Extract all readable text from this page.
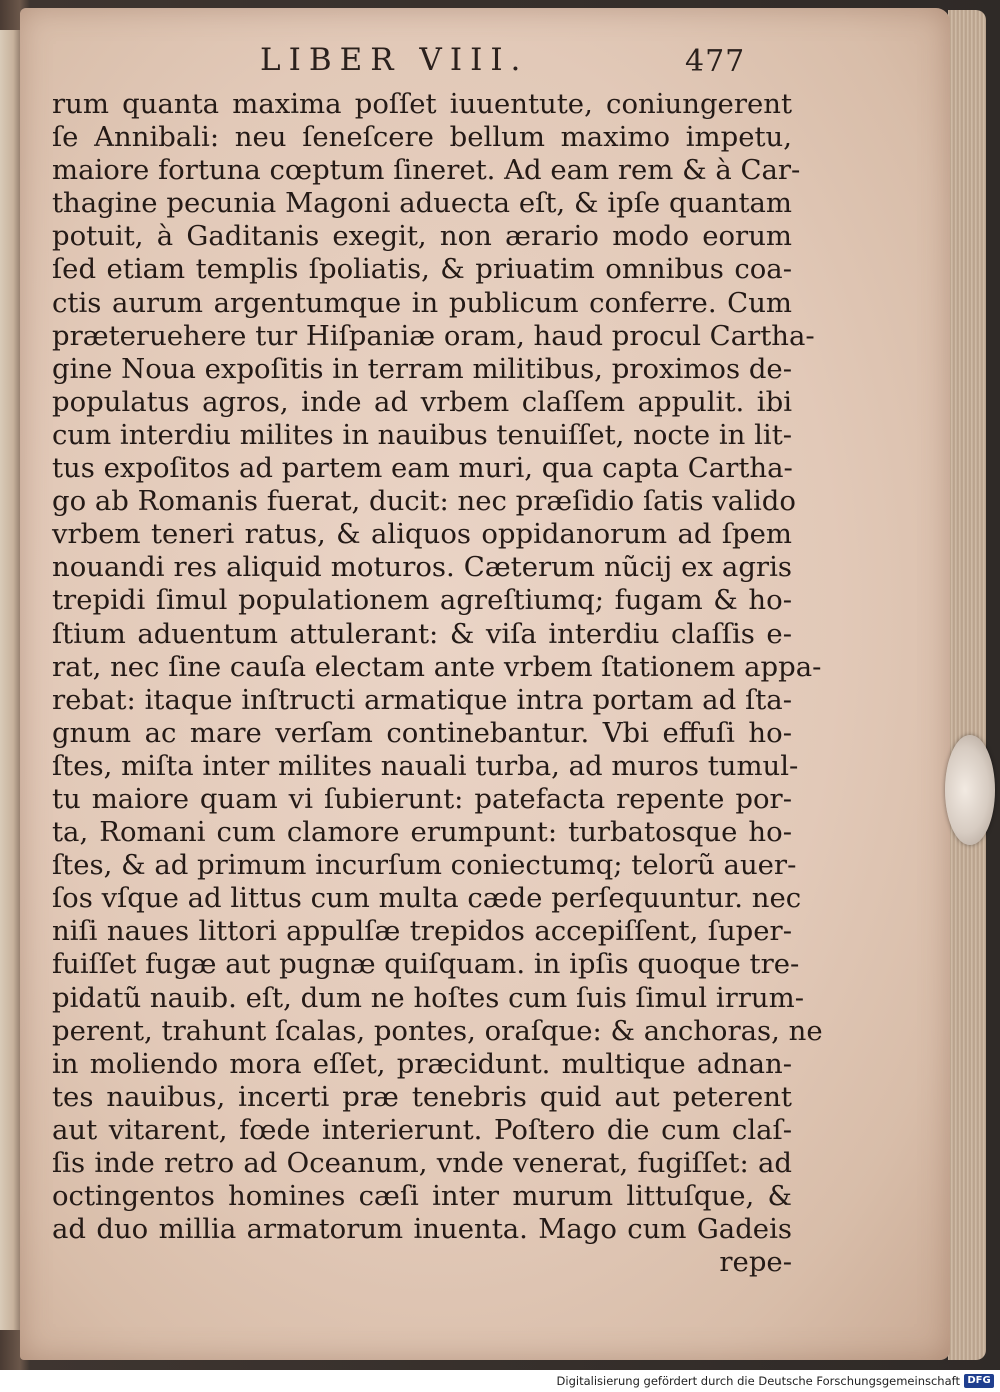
LIBER VIII.	477
rum quanta maxima poſſet iuuentute, coniungerent
ſe Annibali: neu ſeneſcere bellum maximo impetu,
maiore fortuna cœptum ſineret. Ad eam rem & à Car-
thagine pecunia Magoni aduecta eſt, & ipſe quantam
potuit, à Gaditanis exegit, non ærario modo eorum
ſed etiam templis ſpoliatis, & priuatim omnibus coa-
ctis aurum argentumque in publicum conferre. Cum
præteruehere tur Hiſpaniæ oram, haud procul Cartha-
gine Noua expoſitis in terram militibus, proximos de-
populatus agros, inde ad vrbem claſſem appulit. ibi
cum interdiu milites in nauibus tenuiſſet, nocte in lit-
tus expoſitos ad partem eam muri, qua capta Cartha-
go ab Romanis fuerat, ducit: nec præſidio ſatis valido
vrbem teneri ratus, & aliquos oppidanorum ad ſpem
nouandi res aliquid moturos. Cæterum nũcij ex agris
trepidi ſimul populationem agreſtiumq; fugam & ho-
ſtium aduentum attulerant: & viſa interdiu claſſis e-
rat, nec ſine cauſa electam ante vrbem ſtationem appa-
rebat: itaque inſtructi armatique intra portam ad ſta-
gnum ac mare verſam continebantur. Vbi effuſi ho-
ſtes, miſta inter milites nauali turba, ad muros tumul-
tu maiore quam vi ſubierunt: patefacta repente por-
ta, Romani cum clamore erumpunt: turbatosque ho-
ſtes, & ad primum incurſum coniectumq; telorũ auer-
ſos vſque ad littus cum multa cæde perſequuntur. nec
niſi naues littori appulſæ trepidos accepiſſent, ſuper-
fuiſſet fugæ aut pugnæ quiſquam. in ipſis quoque tre-
pidatũ nauib. eſt, dum ne hoſtes cum ſuis ſimul irrum-
perent, trahunt ſcalas, pontes, oraſque: & anchoras, ne
in moliendo mora eſſet, præcidunt. multique adnan-
tes nauibus, incerti præ tenebris quid aut peterent
aut vitarent, fœde interierunt. Poſtero die cum claſ-
ſis inde retro ad Oceanum, vnde venerat, fugiſſet: ad
octingentos homines cæſi inter murum littuſque, &
ad duo millia armatorum inuenta. Mago cum Gadeis
repe-
Digitalisierung gefördert durch die Deutsche Forschungsgemeinschaft DFG
